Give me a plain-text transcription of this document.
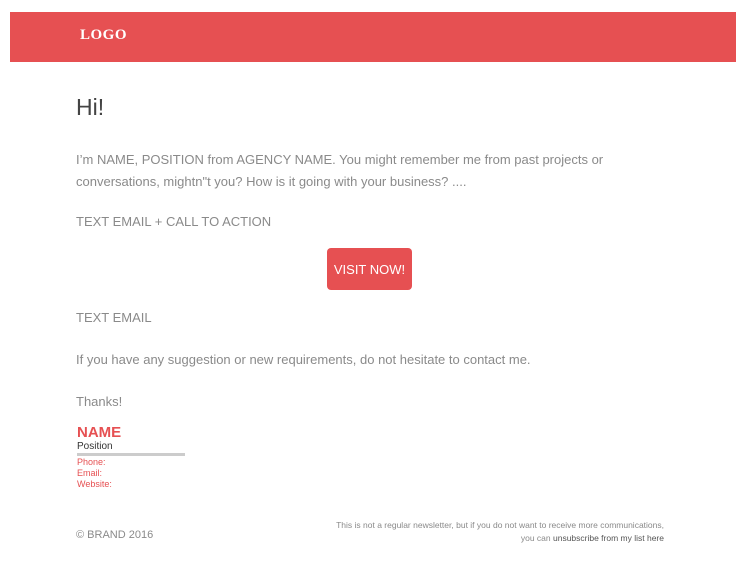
LOGO
Hi!

I’m NAME, POSITION from AGENCY NAME. You might remember me from past projects or conversations, mightn"t you? How is it going with your business? ....

TEXT EMAIL + CALL TO ACTION

VISIT NOW!

TEXT EMAIL

If you have any suggestion or new requirements, do not hesitate to contact me.

Thanks!

NAME
Position
Phone:
Email:
Website:
© BRAND 2016
This is not a regular newsletter, but if you do not want to receive more communications,
you can unsubscribe from my list here
